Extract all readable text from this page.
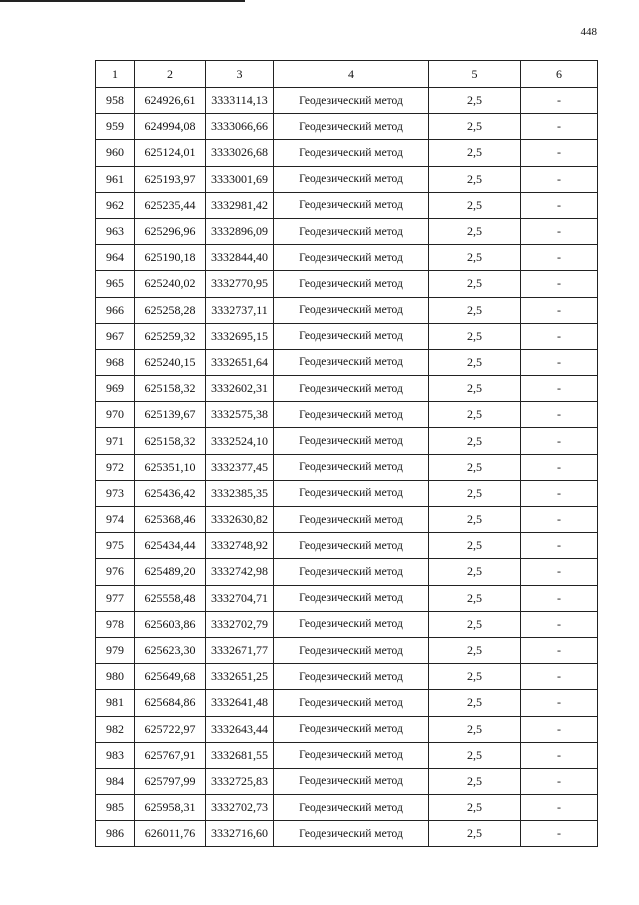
448
1	2	3	4	5	6
958	624926,61	3333114,13	Геодезический метод	2,5	-
959	624994,08	3333066,66	Геодезический метод	2,5	-
960	625124,01	3333026,68	Геодезический метод	2,5	-
961	625193,97	3333001,69	Геодезический метод	2,5	-
962	625235,44	3332981,42	Геодезический метод	2,5	-
963	625296,96	3332896,09	Геодезический метод	2,5	-
964	625190,18	3332844,40	Геодезический метод	2,5	-
965	625240,02	3332770,95	Геодезический метод	2,5	-
966	625258,28	3332737,11	Геодезический метод	2,5	-
967	625259,32	3332695,15	Геодезический метод	2,5	-
968	625240,15	3332651,64	Геодезический метод	2,5	-
969	625158,32	3332602,31	Геодезический метод	2,5	-
970	625139,67	3332575,38	Геодезический метод	2,5	-
971	625158,32	3332524,10	Геодезический метод	2,5	-
972	625351,10	3332377,45	Геодезический метод	2,5	-
973	625436,42	3332385,35	Геодезический метод	2,5	-
974	625368,46	3332630,82	Геодезический метод	2,5	-
975	625434,44	3332748,92	Геодезический метод	2,5	-
976	625489,20	3332742,98	Геодезический метод	2,5	-
977	625558,48	3332704,71	Геодезический метод	2,5	-
978	625603,86	3332702,79	Геодезический метод	2,5	-
979	625623,30	3332671,77	Геодезический метод	2,5	-
980	625649,68	3332651,25	Геодезический метод	2,5	-
981	625684,86	3332641,48	Геодезический метод	2,5	-
982	625722,97	3332643,44	Геодезический метод	2,5	-
983	625767,91	3332681,55	Геодезический метод	2,5	-
984	625797,99	3332725,83	Геодезический метод	2,5	-
985	625958,31	3332702,73	Геодезический метод	2,5	-
986	626011,76	3332716,60	Геодезический метод	2,5	-
